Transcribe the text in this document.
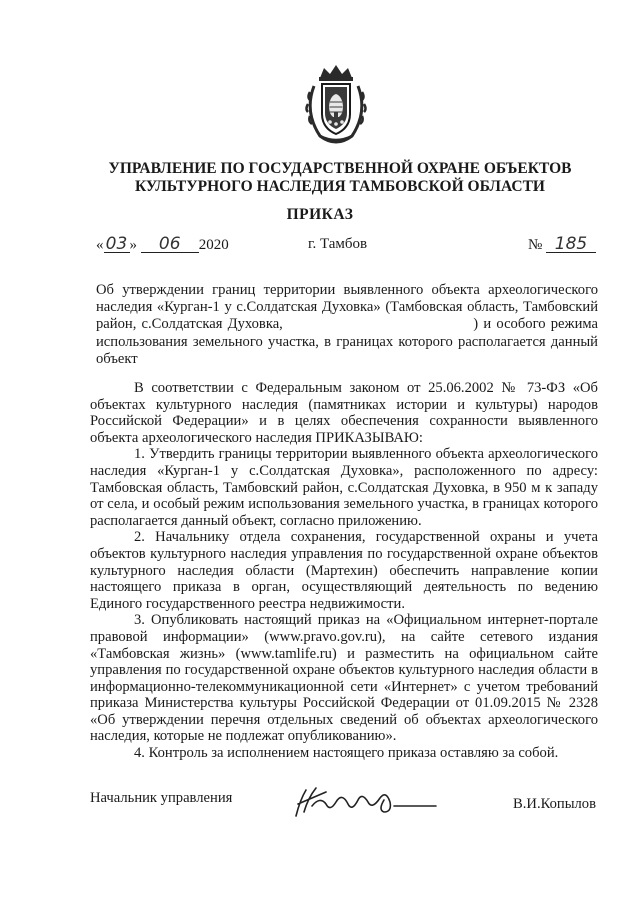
УПРАВЛЕНИЕ ПО ГОСУДАРСТВЕННОЙ ОХРАНЕ ОБЪЕКТОВ
КУЛЬТУРНОГО НАСЛЕДИЯ ТАМБОВСКОЙ ОБЛАСТИ
ПРИКАЗ
« 03 » 06 2020	г. Тамбов	№ 185
Об утверждении границ территории выявленного объекта археологического наследия «Курган-1 у с.Солдатская Духовка» (Тамбовская область, Тамбовский район, с.Солдатская Духовка,	) и особого режима использования земельного участка, в границах которого располагается данный объект

В соответствии с Федеральным законом от 25.06.2002 № 73-ФЗ «Об объектах культурного наследия (памятниках истории и культуры) народов Российской Федерации» и в целях обеспечения сохранности выявленного объекта археологического наследия ПРИКАЗЫВАЮ:

1. Утвердить границы территории выявленного объекта археологического наследия «Курган-1 у с.Солдатская Духовка», расположенного по адресу: Тамбовская область, Тамбовский район, с.Солдатская Духовка, в 950 м к западу от села, и особый режим использования земельного участка, в границах которого располагается данный объект, согласно приложению.

2. Начальнику отдела сохранения, государственной охраны и учета объектов культурного наследия управления по государственной охране объектов культурного наследия области (Мартехин) обеспечить направление копии настоящего приказа в орган, осуществляющий деятельность по ведению Единого государственного реестра недвижимости.

3. Опубликовать настоящий приказ на «Официальном интернет-портале правовой информации» (www.pravo.gov.ru), на сайте сетевого издания «Тамбовская жизнь» (www.tamlife.ru) и разместить на официальном сайте управления по государственной охране объектов культурного наследия области в информационно-телекоммуникационной сети «Интернет» с учетом требований приказа Министерства культуры Российской Федерации от 01.09.2015 № 2328 «Об утверждении перечня отдельных сведений об объектах археологического наследия, которые не подлежат опубликованию».

4. Контроль за исполнением настоящего приказа оставляю за собой.

Начальник управления	В.И.Копылов
